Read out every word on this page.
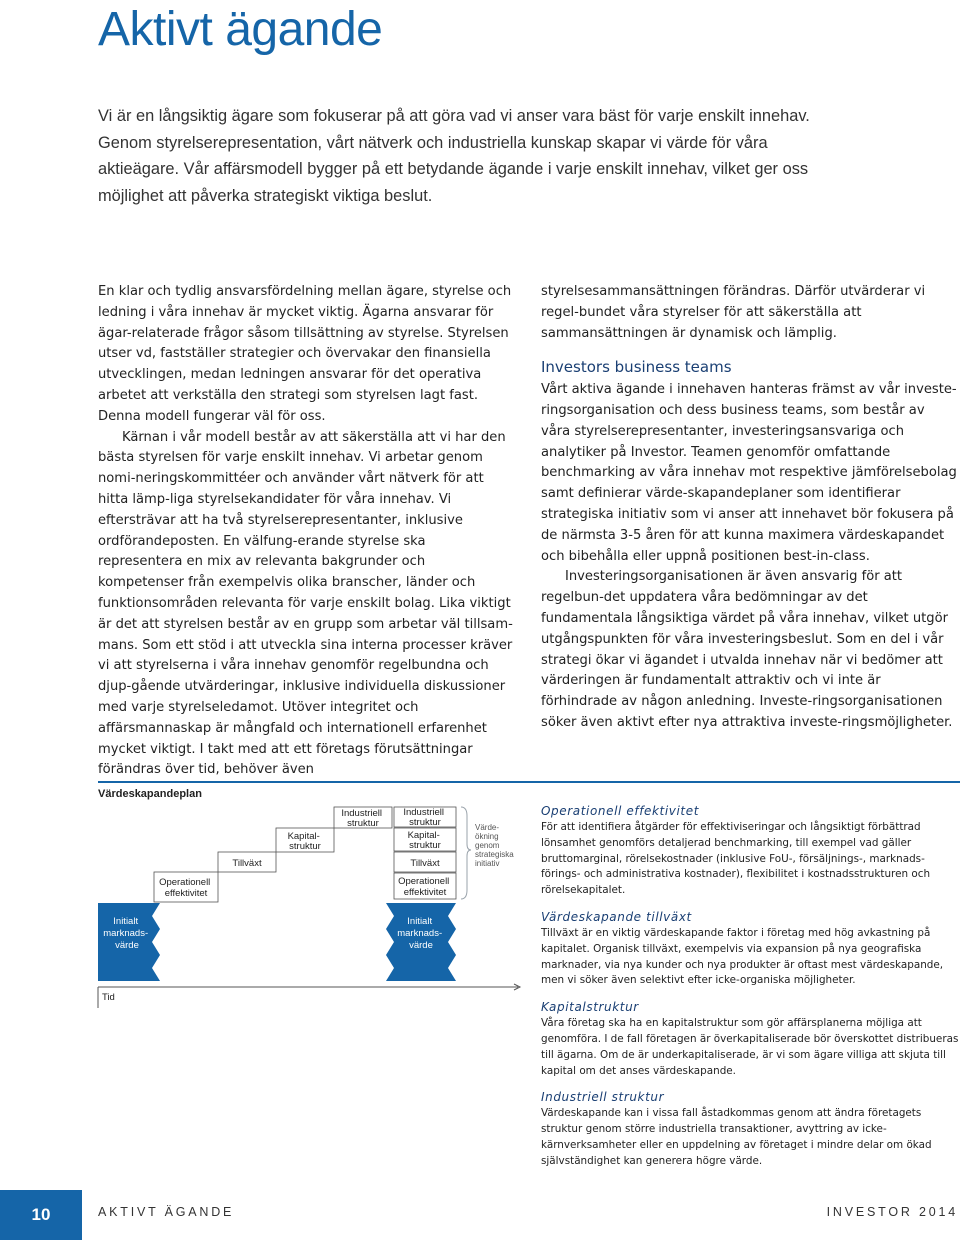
Aktivt ägande

Vi är en långsiktig ägare som fokuserar på att göra vad vi anser vara bäst för varje enskilt innehav. Genom styrelserepresentation, vårt nätverk och industriella kunskap skapar vi värde för våra aktieägare. Vår affärsmodell bygger på ett betydande ägande i varje enskilt innehav, vilket ger oss möjlighet att påverka strategiskt viktiga beslut.

En klar och tydlig ansvarsfördelning mellan ägare, styrelse och ledning i våra innehav är mycket viktig. Ägarna ansvarar för ägar-relaterade frågor såsom tillsättning av styrelse. Styrelsen utser vd, fastställer strategier och övervakar den finansiella utvecklingen, medan ledningen ansvarar för det operativa arbetet att verkställa den strategi som styrelsen lagt fast. Denna modell fungerar väl för oss.

Kärnan i vår modell består av att säkerställa att vi har den bästa styrelsen för varje enskilt innehav. Vi arbetar genom nomi-neringskommittéer och använder vårt nätverk för att hitta lämp-liga styrelsekandidater för våra innehav. Vi eftersträvar att ha två styrelserepresentanter, inklusive ordförandeposten. En välfung-erande styrelse ska representera en mix av relevanta bakgrunder och kompetenser från exempelvis olika branscher, länder och funktionsområden relevanta för varje enskilt bolag. Lika viktigt är det att styrelsen består av en grupp som arbetar väl tillsam-mans. Som ett stöd i att utveckla sina interna processer kräver vi att styrelserna i våra innehav genomför regelbundna och djup-gående utvärderingar, inklusive individuella diskussioner med varje styrelseledamot. Utöver integritet och affärsmannaskap är mångfald och internationell erfarenhet mycket viktigt. I takt med att ett företags förutsättningar förändras över tid, behöver även

styrelsesammansättningen förändras. Därför utvärderar vi regel-bundet våra styrelser för att säkerställa att sammansättningen är dynamisk och lämplig.

Investors business teams

Vårt aktiva ägande i innehaven hanteras främst av vår investe-ringsorganisation och dess business teams, som består av våra styrelserepresentanter, investeringsansvariga och analytiker på Investor. Teamen genomför omfattande benchmarking av våra innehav mot respektive jämförelsebolag samt definierar värde-skapandeplaner som identifierar strategiska initiativ som vi anser att innehavet bör fokusera på de närmsta 3-5 åren för att kunna maximera värdeskapandet och bibehålla eller uppnå positionen best-in-class.

Investeringsorganisationen är även ansvarig för att regelbun-det uppdatera våra bedömningar av det fundamentala långsiktiga värdet på våra innehav, vilket utgör utgångspunkten för våra investeringsbeslut. Som en del i vår strategi ökar vi ägandet i utvalda innehav när vi bedömer att värderingen är fundamentalt attraktiv och vi inte är förhindrade av någon anledning. Investe-ringsorganisationen söker även aktivt efter nya attraktiva investe-ringsmöjligheter.

Värdeskapandeplan
Initialt marknads- värde
Operationell effektivitet
Tillväxt
Kapital- struktur
Industriell struktur
Initialt marknads- värde
Operationell effektivitet
Tillväxt
Kapital- struktur
Industriell struktur	Värde- ökning genom strategiska initiativ
Tid
Operationell effektivitet

För att identifiera åtgärder för effektiviseringar och långsiktigt förbättrad lönsamhet genomförs detaljerad benchmarking, till exempel vad gäller bruttomarginal, rörelsekostnader (inklusive FoU-, försäljnings-, marknads-förings- och administrativa kostnader), flexibilitet i kostnadsstrukturen och rörelsekapitalet.

Värdeskapande tillväxt

Tillväxt är en viktig värdeskapande faktor i företag med hög avkastning på kapitalet. Organisk tillväxt, exempelvis via expansion på nya geografiska marknader, via nya kunder och nya produkter är oftast mest värdeskapande, men vi söker även selektivt efter icke-organiska möjligheter.

Kapitalstruktur

Våra företag ska ha en kapitalstruktur som gör affärsplanerna möjliga att genomföra. I de fall företagen är överkapitaliserade bör överskottet distribueras till ägarna. Om de är underkapitaliserade, är vi som ägare villiga att skjuta till kapital om det anses värdeskapande.

Industriell struktur

Värdeskapande kan i vissa fall åstadkommas genom att ändra företagets struktur genom större industriella transaktioner, avyttring av icke-kärnverksamheter eller en uppdelning av företaget i mindre delar om ökad självständighet kan generera högre värde.

10	AKTIVT ÄGANDE	INVESTOR 2014
